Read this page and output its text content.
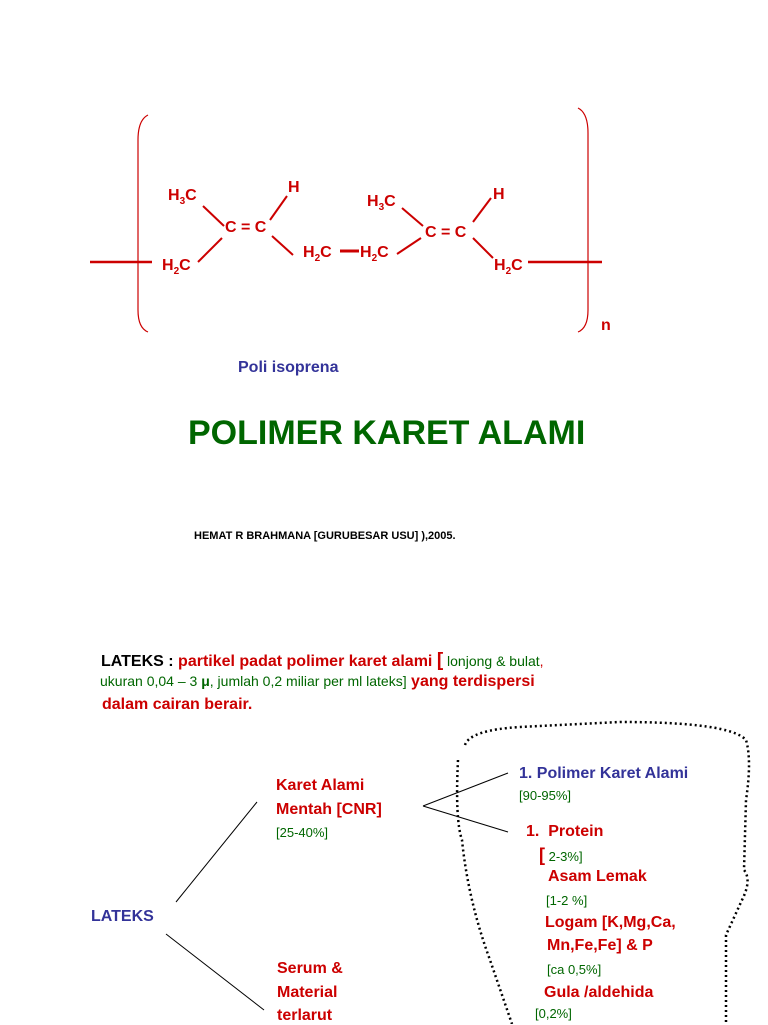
$H_3C$	H
C = C
$H_2C$
$H_2C$ $H_2C$
$H_3C$	H
C = C
$H_2C$
n
Poli isoprena
POLIMER KARET ALAMI
HEMAT R BRAHMANA [GURUBESAR USU] ),2005.
LATEKS : partikel padat polimer karet alami [ lonjong & bulat,
ukuran 0,04 – 3 μ, jumlah 0,2 miliar per ml lateks] yang terdispersi
dalam cairan berair.
LATEKS
Karet Alami
Mentah [CNR]
[25-40%]
Serum &
Material
terlarut
1. Polimer Karet Alami
[90-95%]
1. Protein
[ 2-3%]
Asam Lemak
[1-2 %]
Logam [K,Mg,Ca,
Mn,Fe,Fe] & P
[ca 0,5%]
Gula /aldehida
[0,2%]
